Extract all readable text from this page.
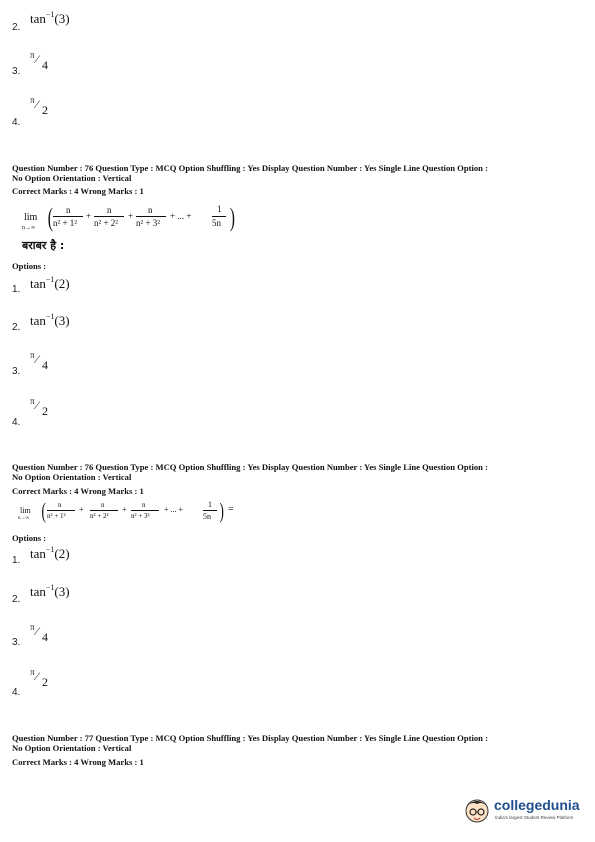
2.
$\tan^{-1}(3)$
3.
π ⁄ 4
4.
π ⁄ 2
Question Number : 76 Question Type : MCQ Option Shuffling : Yes Display Question Number : Yes Single Line Question Option :
No Option Orientation : Vertical
Correct Marks : 4 Wrong Marks : 1
lim
n→∞ ( n
n² + 1²
+
n
n² + 2²
+
n
n² + 3²
+ ... +
1
5n )
बराबर है :
Options :
1. $\tan^{-1}(2)$
2. $\tan^{-1}(3)$
3.
π ⁄ 4
4.
π ⁄ 2
Question Number : 76 Question Type : MCQ Option Shuffling : Yes Display Question Number : Yes Single Line Question Option :
No Option Orientation : Vertical
Correct Marks : 4 Wrong Marks : 1
lim
n→∞ ( n
n² + 1²
+ n
n² + 2²
+ n
n² + 3²
+ ... +
1
5n ) =
Options :
1. $\tan^{-1}(2)$
2.
$\tan^{-1}(3)$
3.
π ⁄ 4
4.
π ⁄ 2
Question Number : 77 Question Type : MCQ Option Shuffling : Yes Display Question Number : Yes Single Line Question Option :
No Option Orientation : Vertical
Correct Marks : 4 Wrong Marks : 1
collegedunia
India's largest Student Review Platform
